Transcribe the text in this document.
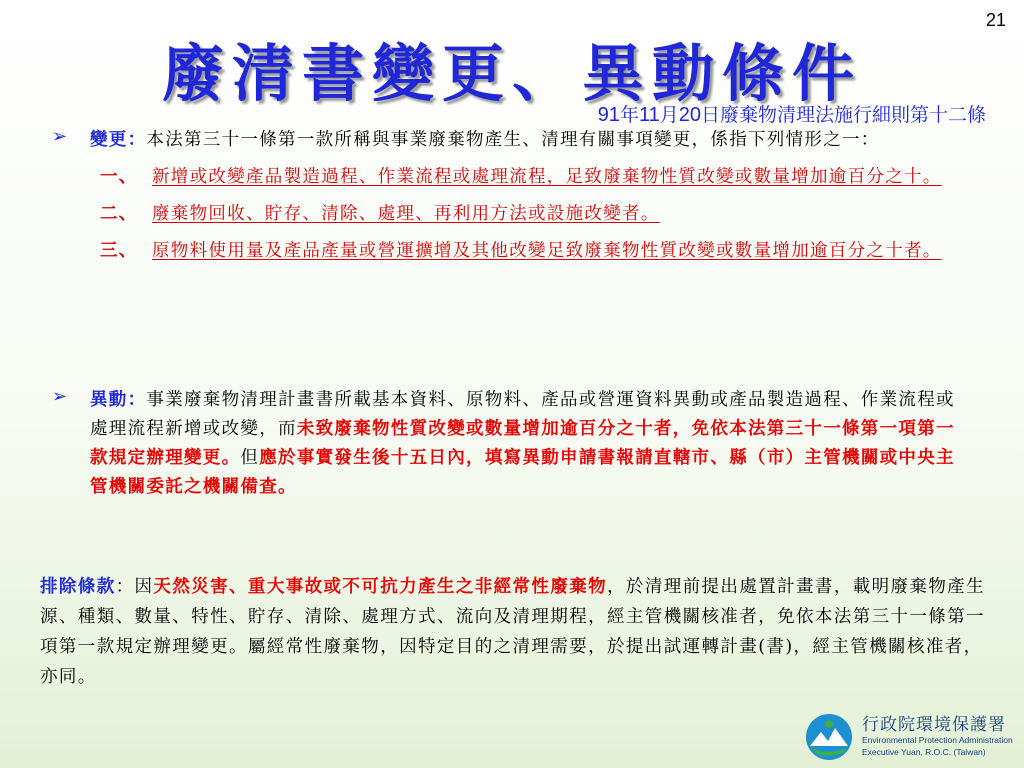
21
廢清書變更、異動條件
91年11月20日廢棄物清理法施行細則第十二條
➢ 變更：本法第三十一條第一款所稱與事業廢棄物產生、清理有關事項變更，係指下列情形之一：

一、 新增或改變產品製造過程、作業流程或處理流程，足致廢棄物性質改變或數量增加逾百分之十。
二、 廢棄物回收、貯存、清除、處理、再利用方法或設施改變者。
三、 原物料使用量及產品產量或營運擴增及其他改變足致廢棄物性質改變或數量增加逾百分之十者。
➢ 異動：事業廢棄物清理計畫書所載基本資料、原物料、產品或營運資料異動或產品製造過程、作業流程或處理流程新增或改變，而未致廢棄物性質改變或數量增加逾百分之十者，免依本法第三十一條第一項第一款規定辦理變更。但應於事實發生後十五日內，填寫異動申請書報請直轄市、縣（市）主管機關或中央主管機關委託之機關備查。

排除條款：因天然災害、重大事故或不可抗力產生之非經常性廢棄物，於清理前提出處置計畫書，載明廢棄物產生源、種類、數量、特性、貯存、清除、處理方式、流向及清理期程，經主管機關核准者，免依本法第三十一條第一項第一款規定辦理變更。屬經常性廢棄物，因特定目的之清理需要，於提出試運轉計畫(書)，經主管機關核准者，亦同。

行政院環境保護署
Environmental Protection Administration
Executive Yuan, R.O.C. (Taiwan)
